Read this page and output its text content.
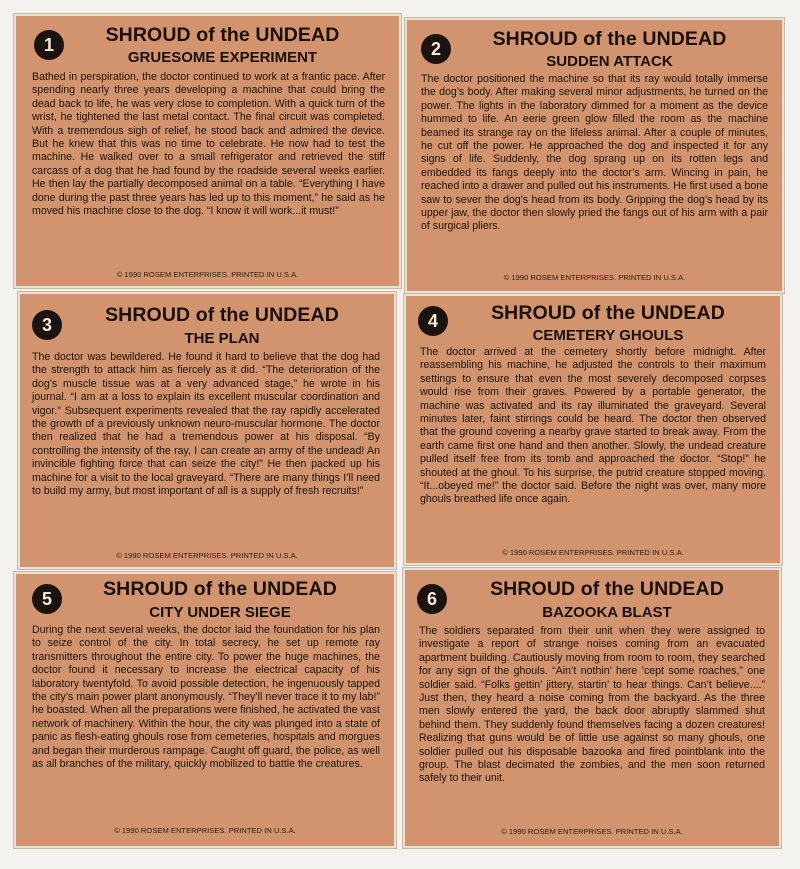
1	SHROUD of the UNDEAD
GRUESOME EXPERIMENT
Bathed in perspiration, the doctor continued to work at a frantic pace. After spending nearly three years developing a machine that could bring the dead back to life, he was very close to completion. With a quick turn of the wrist, he tightened the last metal contact. The final circuit was completed. With a tremendous sigh of relief, he stood back and admired the device. But he knew that this was no time to celebrate. He now had to test the machine. He walked over to a small refrigerator and retrieved the stiff carcass of a dog that he had found by the roadside several weeks earlier. He then lay the partially decomposed animal on a table. “Everything I have done during the past three years has led up to this moment,” he said as he moved his machine close to the dog. “I know it will work...it must!”
© 1990 ROSEM ENTERPRISES. PRINTED IN U.S.A.
2	SHROUD of the UNDEAD
SUDDEN ATTACK
The doctor positioned the machine so that its ray would totally immerse the dog’s body. After making several minor adjustments, he turned on the power. The lights in the laboratory dimmed for a moment as the device hummed to life. An eerie green glow filled the room as the machine beamed its strange ray on the lifeless animal. After a couple of minutes, he cut off the power. He approached the dog and inspected it for any signs of life. Suddenly, the dog sprang up on its rotten legs and embedded its fangs deeply into the doctor’s arm. Wincing in pain, he reached into a drawer and pulled out his instruments. He first used a bone saw to sever the dog’s head from its body. Gripping the dog’s head by its upper jaw, the doctor then slowly pried the fangs out of his arm with a pair of surgical pliers.
© 1990 ROSEM ENTERPRISES. PRINTED IN U.S.A.
3	SHROUD of the UNDEAD
THE PLAN
The doctor was bewildered. He found it hard to believe that the dog had the strength to attack him as fiercely as it did. “The deterioration of the dog’s muscle tissue was at a very advanced stage,” he wrote in his journal. “I am at a loss to explain its excellent muscular coordination and vigor.” Subsequent experiments revealed that the ray rapidly accelerated the growth of a previously unknown neuro-muscular hormone. The doctor then realized that he had a tremendous power at his disposal. “By controlling the intensity of the ray, I can create an army of the undead! An invincible fighting force that can seize the city!” He then packed up his machine for a visit to the local graveyard. “There are many things I’ll need to build my army, but most important of all is a supply of fresh recruits!”
© 1990 ROSEM ENTERPRISES. PRINTED IN U.S.A.
4	SHROUD of the UNDEAD
CEMETERY GHOULS
The doctor arrived at the cemetery shortly before midnight. After reassembling his machine, he adjusted the controls to their maximum settings to ensure that even the most severely decomposed corpses would rise from their graves. Powered by a portable generator, the machine was activated and its ray illuminated the graveyard. Several minutes later, faint stirrings could be heard. The doctor then observed that the ground covering a nearby grave started to break away. From the earth came first one hand and then another. Slowly, the undead creature pulled itself free from its tomb and approached the doctor. “Stop!” he shouted at the ghoul. To his surprise, the putrid creature stopped moving. “It...obeyed me!” the doctor said. Before the night was over, many more ghouls breathed life once again.
© 1990 ROSEM ENTERPRISES. PRINTED IN U.S.A.
5	SHROUD of the UNDEAD
CITY UNDER SIEGE
During the next several weeks, the doctor laid the foundation for his plan to seize control of the city. In total secrecy, he set up remote ray transmitters throughout the entire city. To power the huge machines, the doctor found it necessary to increase the electrical capacity of his laboratory twentyfold. To avoid possible detection, he ingenuously tapped the city’s main power plant anonymously. “They’ll never trace it to my lab!” he boasted. When all the preparations were finished, he activated the vast network of machinery. Within the hour, the city was plunged into a state of panic as flesh-eating ghouls rose from cemeteries, hospitals and morgues and began their murderous rampage. Caught off guard, the police, as well as all branches of the military, quickly mobilized to battle the creatures.
© 1990 ROSEM ENTERPRISES. PRINTED IN U.S.A.
6	SHROUD of the UNDEAD
BAZOOKA BLAST
The soldiers separated from their unit when they were assigned to investigate a report of strange noises coming from an evacuated apartment building. Cautiously moving from room to room, they searched for any sign of the ghouls. “Ain’t nothin’ here ’cept some roaches,” one soldier said. “Folks gettin’ jittery, startin’ to hear things. Can’t believe....” Just then, they heard a noise coming from the backyard. As the three men slowly entered the yard, the back door abruptly slammed shut behind them. They suddenly found themselves facing a dozen creatures! Realizing that guns would be of little use against so many ghouls, one soldier pulled out his disposable bazooka and fired pointblank into the group. The blast decimated the zombies, and the men soon returned safely to their unit.
© 1990 ROSEM ENTERPRISES. PRINTED IN U.S.A.
